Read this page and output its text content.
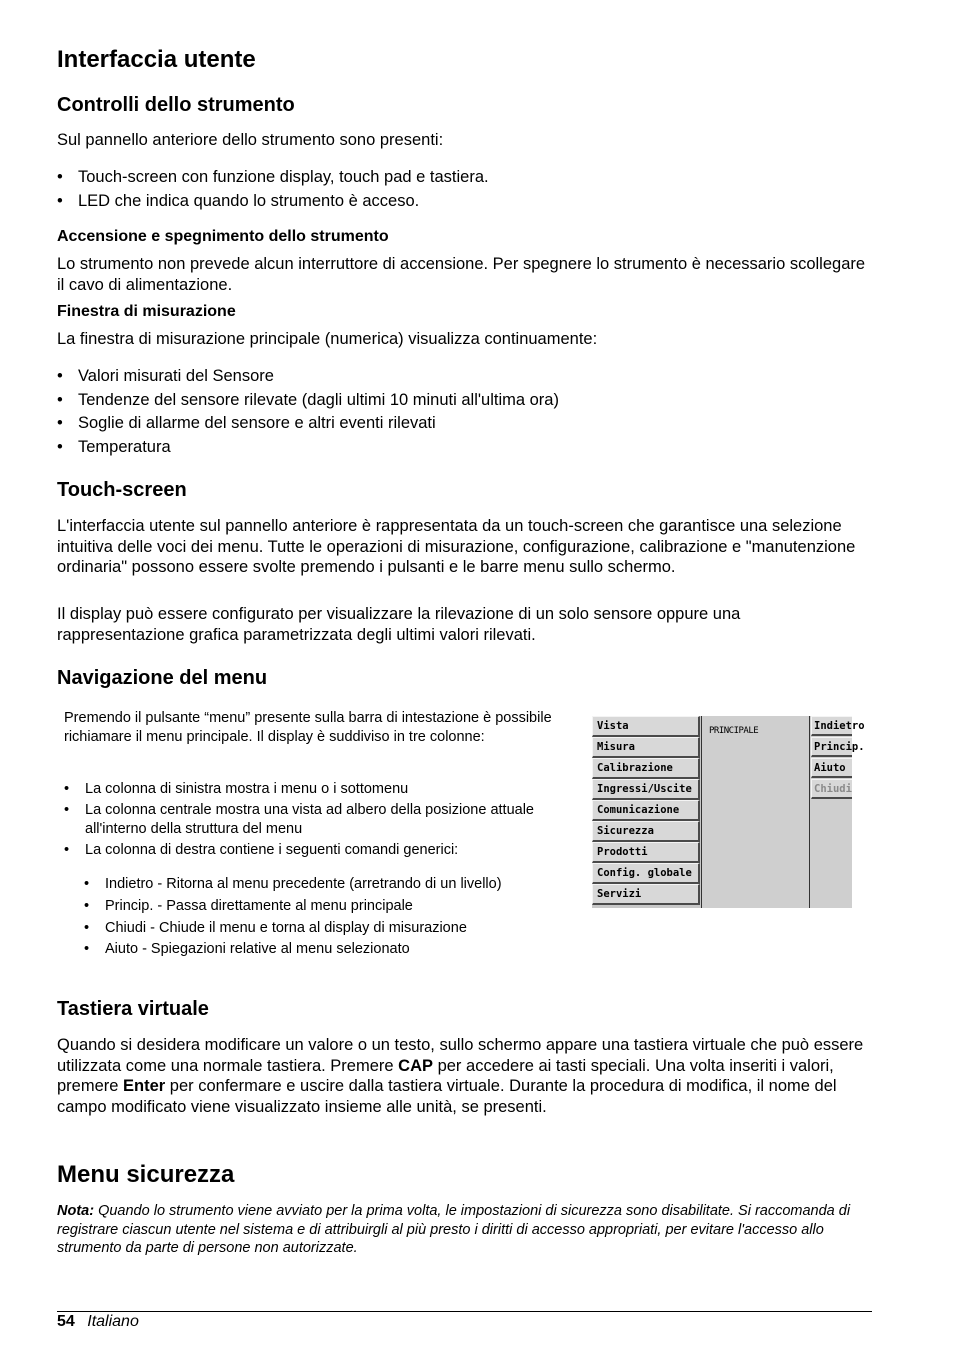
Interfaccia utente
Controlli dello strumento

Sul pannello anteriore dello strumento sono presenti:

• Touch-screen con funzione display, touch pad e tastiera.
• LED che indica quando lo strumento è acceso.
Accensione e spegnimento dello strumento

Lo strumento non prevede alcun interruttore di accensione. Per spegnere lo strumento è necessario scollegare il cavo di alimentazione.

Finestra di misurazione

La finestra di misurazione principale (numerica) visualizza continuamente:

• Valori misurati del Sensore
• Tendenze del sensore rilevate (dagli ultimi 10 minuti all'ultima ora)
• Soglie di allarme del sensore e altri eventi rilevati
• Temperatura
Touch-screen

L'interfaccia utente sul pannello anteriore è rappresentata da un touch-screen che garantisce una selezione intuitiva delle voci dei menu. Tutte le operazioni di misurazione, configurazione, calibrazione e "manutenzione ordinaria" possono essere svolte premendo i pulsanti e le barre menu sullo schermo.

Il display può essere configurato per visualizzare la rilevazione di un solo sensore oppure una rappresentazione grafica parametrizzata degli ultimi valori rilevati.

Navigazione del menu

Premendo il pulsante “menu” presente sulla barra di intestazione è possibile richiamare il menu principale. Il display è suddiviso in tre colonne:

• La colonna di sinistra mostra i menu o i sottomenu
• La colonna centrale mostra una vista ad albero della posizione attuale all'interno della struttura del menu
• La colonna di destra contiene i seguenti comandi generici:
• Indietro - Ritorna al menu precedente (arretrando di un livello)
• Princip. - Passa direttamente al menu principale
• Chiudi - Chiude il menu e torna al display di misurazione
• Aiuto - Spiegazioni relative al menu selezionato
Vista
Misura
Calibrazione
Ingressi/Uscite
Comunicazione
Sicurezza
Prodotti
Config. globale
Servizi
PRINCIPALE	Indietro
Princip.
Aiuto
Chiudi
Tastiera virtuale

Quando si desidera modificare un valore o un testo, sullo schermo appare una tastiera virtuale che può essere utilizzata come una normale tastiera. Premere CAP per accedere ai tasti speciali. Una volta inseriti i valori, premere Enter per confermare e uscire dalla tastiera virtuale. Durante la procedura di modifica, il nome del campo modificato viene visualizzato insieme alle unità, se presenti.

Menu sicurezza

Nota: Quando lo strumento viene avviato per la prima volta, le impostazioni di sicurezza sono disabilitate. Si raccomanda di registrare ciascun utente nel sistema e di attribuirgli al più presto i diritti di accesso appropriati, per evitare l'accesso allo strumento da parte di persone non autorizzate.

54 Italiano
